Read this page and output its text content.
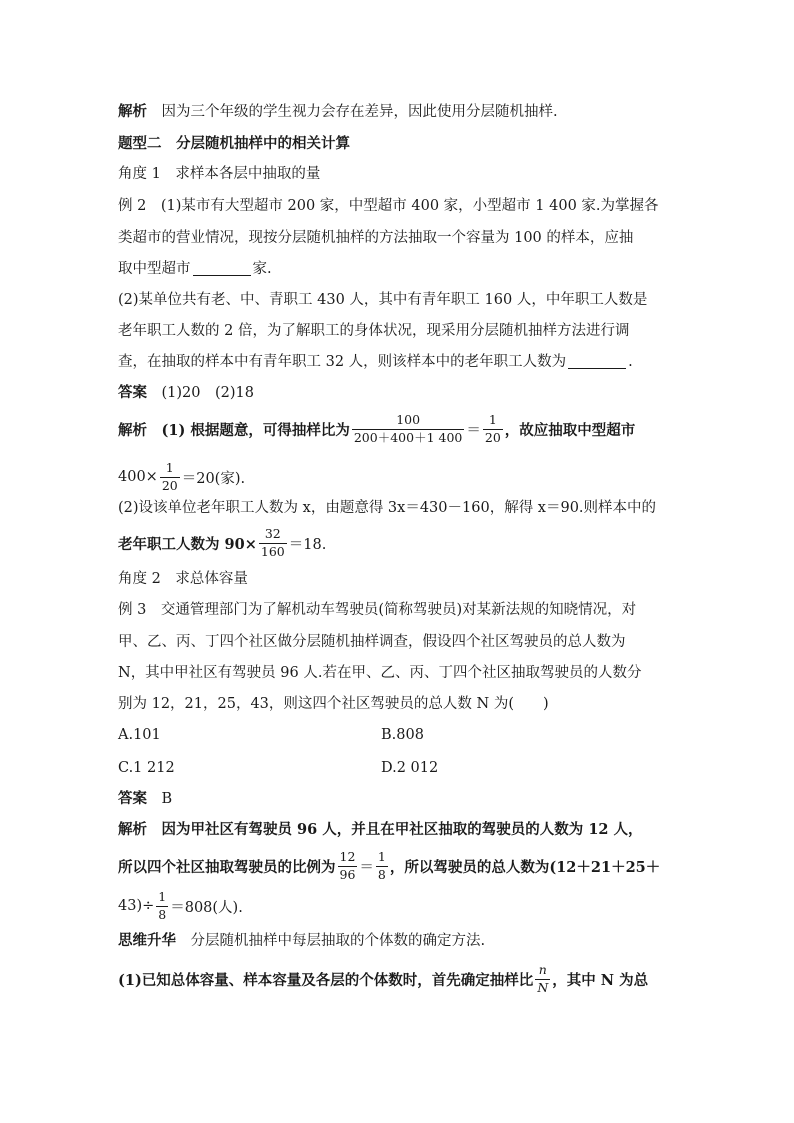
解析 因为三个年级的学生视力会存在差异，因此使用分层随机抽样.
题型二 分层随机抽样中的相关计算
角度 1 求样本各层中抽取的量
例 2 (1)某市有大型超市 200 家，中型超市 400 家，小型超市 1 400 家.为掌握各
类超市的营业情况，现按分层随机抽样的方法抽取一个容量为 100 的样本，应抽
取中型超市	家.
(2)某单位共有老、中、青职工 430 人，其中有青年职工 160 人，中年职工人数是
老年职工人数的 2 倍，为了解职工的身体状况，现采用分层随机抽样方法进行调
查，在抽取的样本中有青年职工 32 人，则该样本中的老年职工人数为	.
答案 (1)20　(2)18
解析 (1) 根据题意，可得抽样比为 $\frac{100}{200+400+1 400} = \frac{1}{20}$ ，故应抽取中型超市
$400\times \frac{1}{20} =20$(家).
(2)设该单位老年职工人数为 x，由题意得 3x＝430－160，解得 x＝90.则样本中的
老年职工人数为 $90\times \frac{32}{160} =18$.
角度 2 求总体容量
例 3 交通管理部门为了解机动车驾驶员(简称驾驶员)对某新法规的知晓情况，对
甲、乙、丙、丁四个社区做分层随机抽样调查，假设四个社区驾驶员的总人数为
N，其中甲社区有驾驶员 96 人.若在甲、乙、丙、丁四个社区抽取驾驶员的人数分
别为 12，21，25，43，则这四个社区驾驶员的总人数 N 为(　　)
A.101	B.808
C.1 212	D.2 012
答案 B
解析 因为甲社区有驾驶员 96 人，并且在甲社区抽取的驾驶员的人数为 12 人，
所以四个社区抽取驾驶员的比例为 $\frac{12}{96} = \frac{1}{8}$ ，所以驾驶员的总人数为(12＋21＋25＋
$43)\div \frac{1}{8} =808$(人).
思维升华 分层随机抽样中每层抽取的个体数的确定方法.
(1)已知总体容量、样本容量及各层的个体数时，首先确定抽样比 $\frac{n}{N}$ ，其中 N 为总
